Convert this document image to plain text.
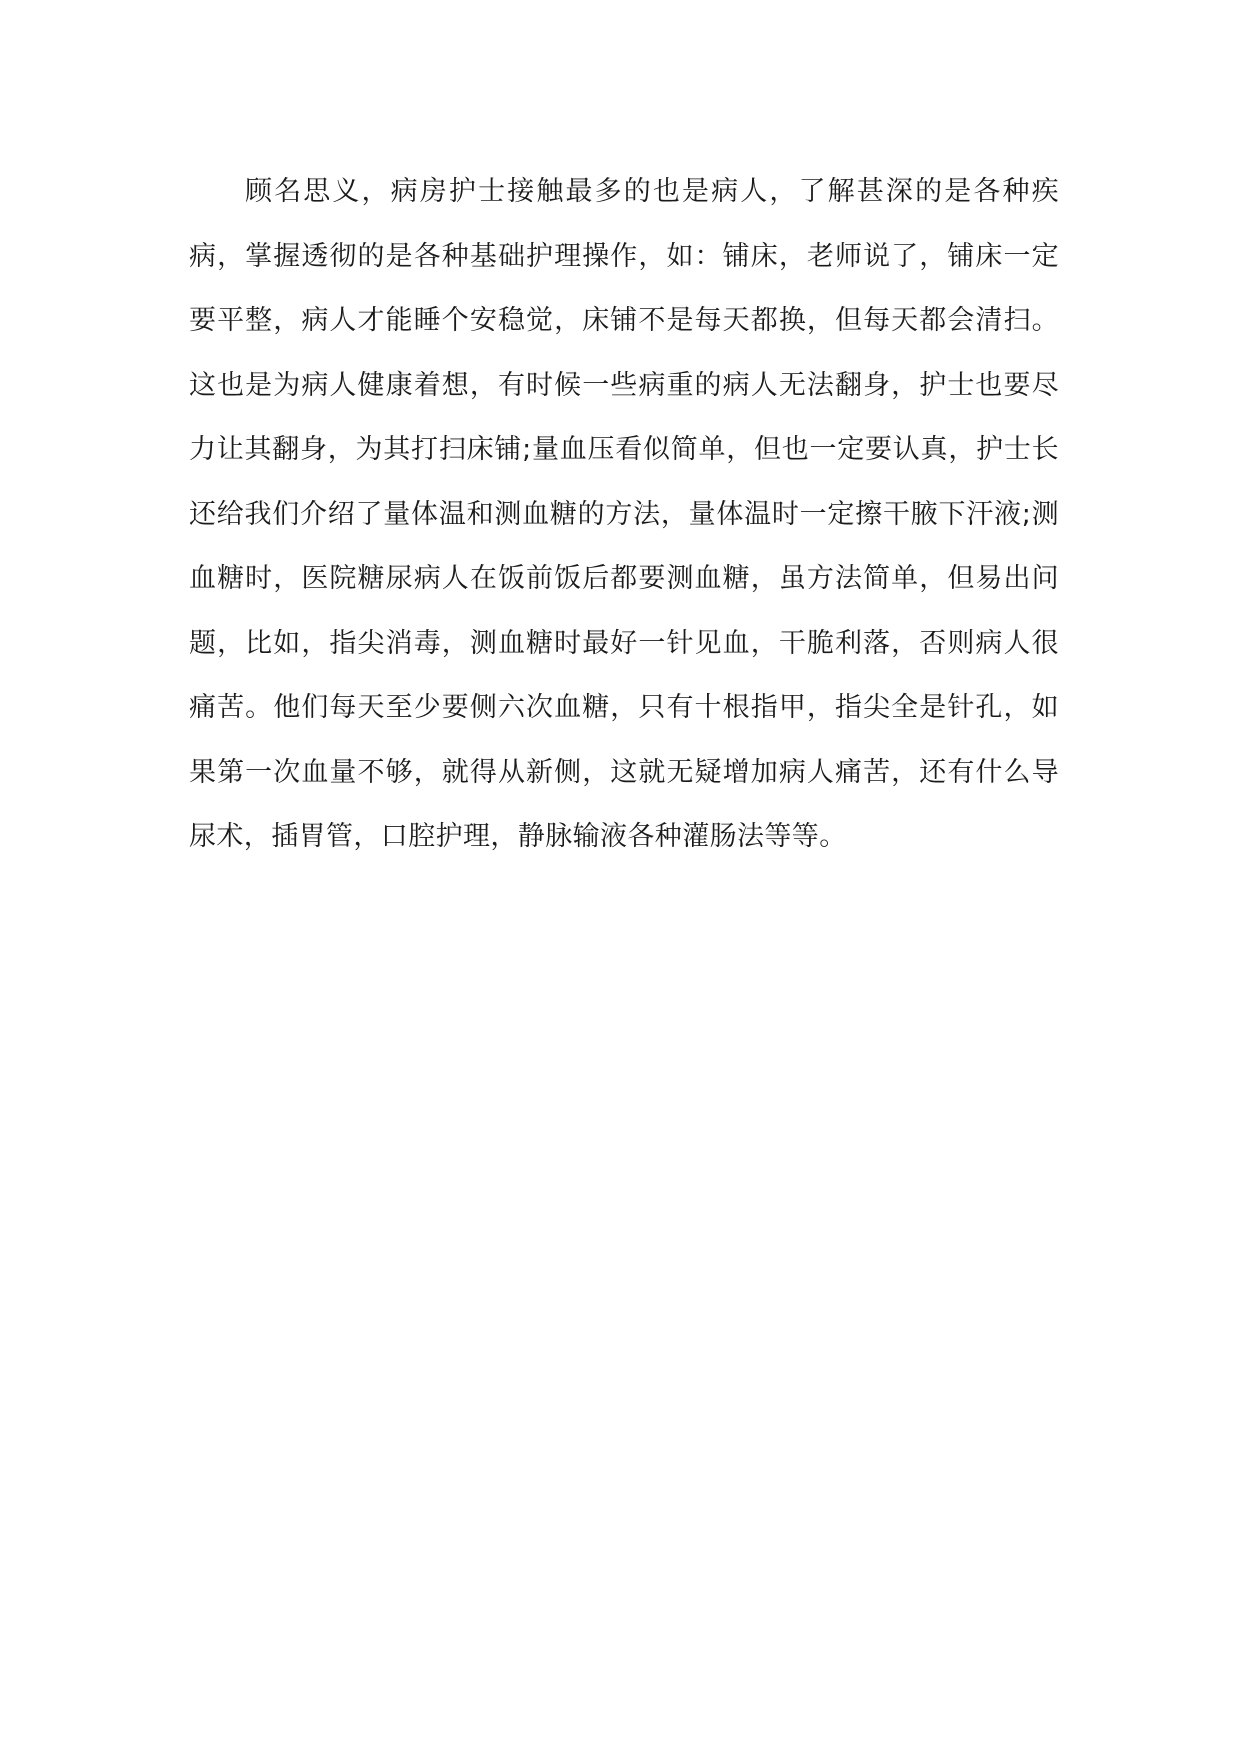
顾名思义，病房护士接触最多的也是病人，了解甚深的是各种疾病，掌握透彻的是各种基础护理操作，如：铺床，老师说了，铺床一定要平整，病人才能睡个安稳觉，床铺不是每天都换，但每天都会清扫。这也是为病人健康着想，有时候一些病重的病人无法翻身，护士也要尽力让其翻身，为其打扫床铺;量血压看似简单，但也一定要认真，护士长还给我们介绍了量体温和测血糖的方法，量体温时一定擦干腋下汗液;测血糖时，医院糖尿病人在饭前饭后都要测血糖，虽方法简单，但易出问题，比如，指尖消毒，测血糖时最好一针见血，干脆利落，否则病人很痛苦。他们每天至少要侧六次血糖，只有十根指甲，指尖全是针孔，如果第一次血量不够，就得从新侧，这就无疑增加病人痛苦，还有什么导尿术，插胃管，口腔护理，静脉输液各种灌肠法等等。
